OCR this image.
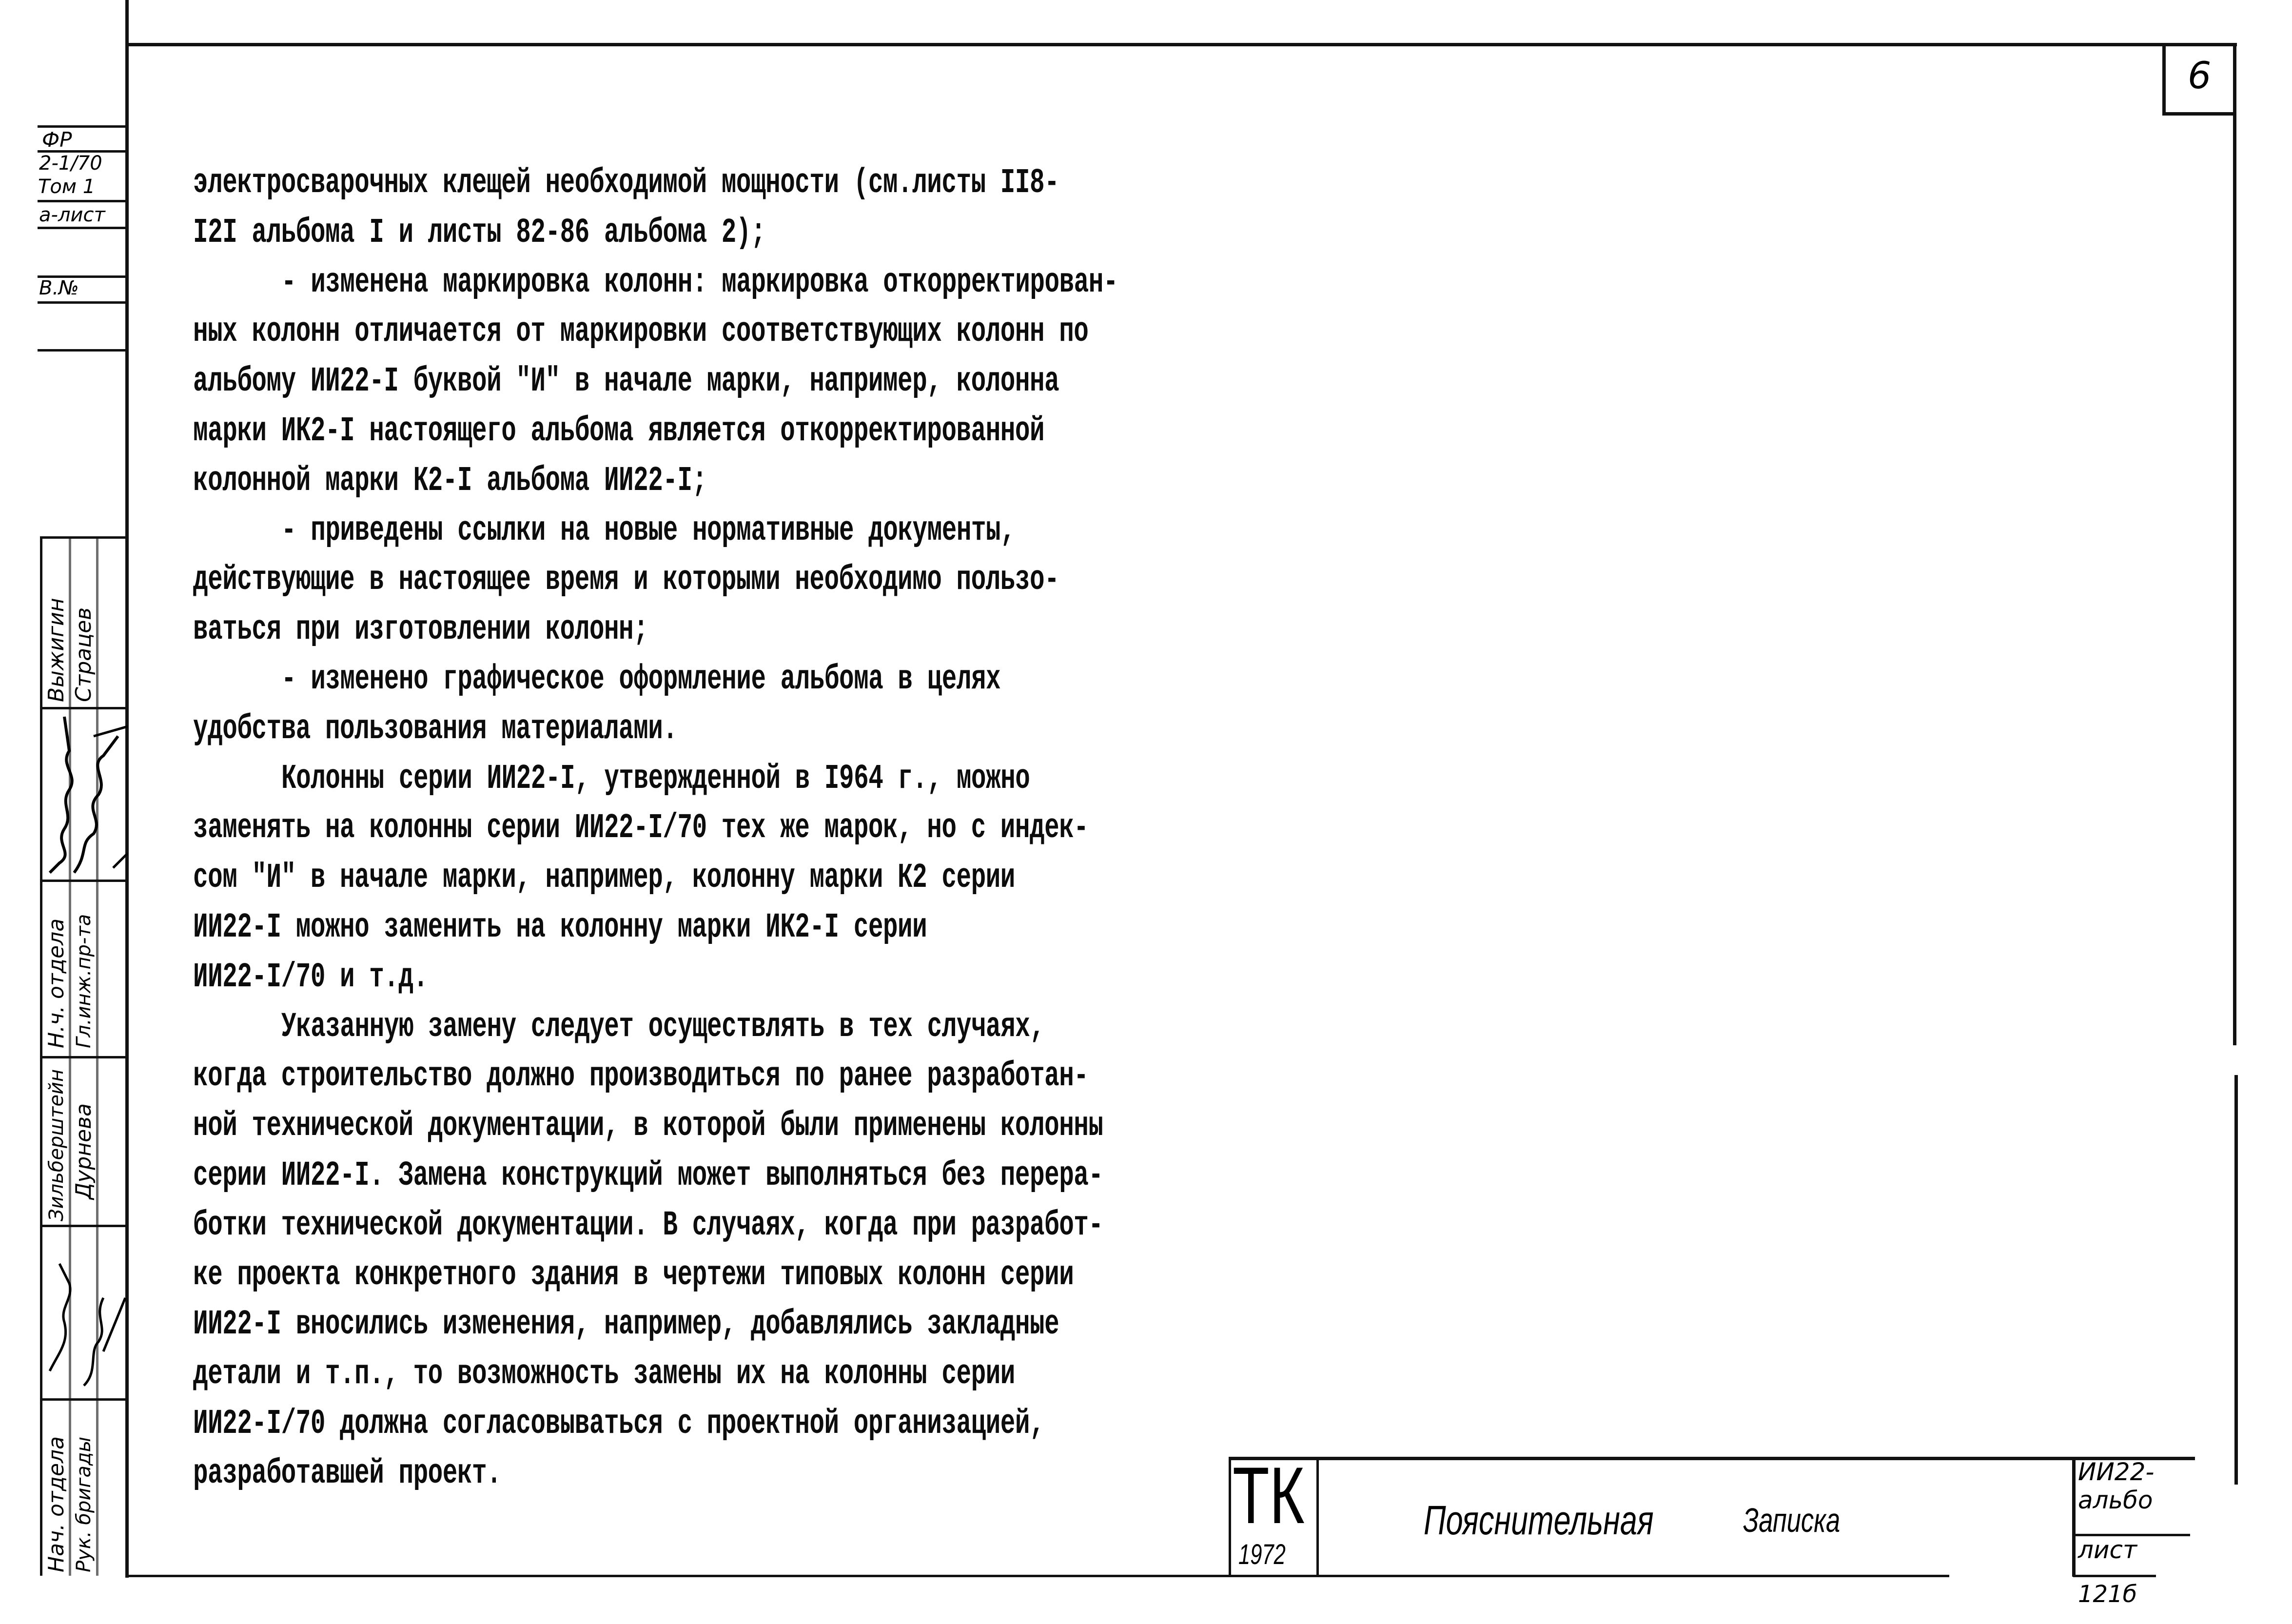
6
ФР
2-1/70
Том 1
а-лист
В.№
Выжигин Страцев
Н.ч. отдела Гл.инж.пр-та
Зильберштейн Дурнева
Нач. отдела Рук. бригады
электросварочных клещей необходимой мощности (см.листы II8-
I2I альбома I и листы 82-86 альбома 2);
- изменена маркировка колонн: маркировка откорректирован-
ных колонн отличается от маркировки соответствующих колонн по
альбому ИИ22-I буквой "И" в начале марки, например, колонна
марки ИК2-I настоящего альбома является откорректированной
колонной марки К2-I альбома ИИ22-I;
- приведены ссылки на новые нормативные документы,
действующие в настоящее время и которыми необходимо пользо-
ваться при изготовлении колонн;
- изменено графическое оформление альбома в целях
удобства пользования материалами.
Колонны серии ИИ22-I, утвержденной в I964 г., можно
заменять на колонны серии ИИ22-I/70 тех же марок, но с индек-
сом "И" в начале марки, например, колонну марки К2 серии
ИИ22-I можно заменить на колонну марки ИК2-I серии
ИИ22-I/70 и т.д.
Указанную замену следует осуществлять в тех случаях,
когда строительство должно производиться по ранее разработан-
ной технической документации, в которой были применены колонны
серии ИИ22-I. Замена конструкций может выполняться без перера-
ботки технической документации. В случаях, когда при разработ-
ке проекта конкретного здания в чертежи типовых колонн серии
ИИ22-I вносились изменения, например, добавлялись закладные
детали и т.п., то возможность замены их на колонны серии
ИИ22-I/70 должна согласовываться с проектной организацией,
разработавшей проект.	ТК
1972
Пояснительная	Записка
ИИ22-
альбо
лист
121б
